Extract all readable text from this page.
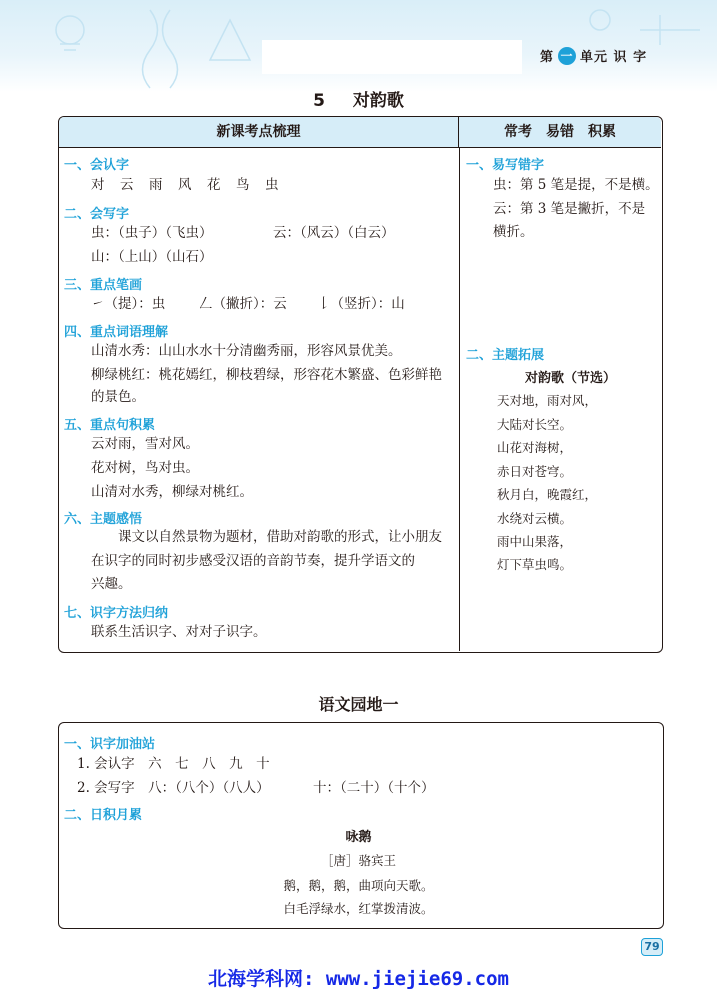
第 一 单元 识 字
5 对韵歌
新课考点梳理	常考　易错　积累
一、会认字
对　云　雨　风　花　鸟　虫
二、会写字
虫：（虫子）（飞虫）	云：（风云）（白云）
山：（上山）（山石）
三、重点笔画
㇀（提）：虫	𠃋（撇折）：云 𠄌（竖折）：山
四、重点词语理解
山清水秀：山山水水十分清幽秀丽，形容风景优美。
柳绿桃红：桃花嫣红，柳枝碧绿，形容花木繁盛、色彩鲜艳
的景色。
五、重点句积累
云对雨，雪对风。
花对树，鸟对虫。
山清对水秀，柳绿对桃红。
六、主题感悟
课文以自然景物为题材，借助对韵歌的形式，让小朋友
在识字的同时初步感受汉语的音韵节奏，提升学语文的
兴趣。
七、识字方法归纳
联系生活识字、对对子识字。
一、易写错字
虫：第 5 笔是提，不是横。
云：第 3 笔是撇折，不是
横折。
二、主题拓展
对韵歌（节选）
天对地，雨对风，
大陆对长空。
山花对海树，
赤日对苍穹。
秋月白，晚霞红，
水绕对云横。
雨中山果落，
灯下草虫鸣。
语文园地一
一、识字加油站
1. 会认字　六　七　八　九　十
2. 会写字　八：（八个）（八人）	十：（二十）（十个）
二、日积月累
咏鹅
［唐］骆宾王
鹅，鹅，鹅，曲项向天歌。
白毛浮绿水，红掌拨清波。
79
北海学科网: www.jiejie69.com
